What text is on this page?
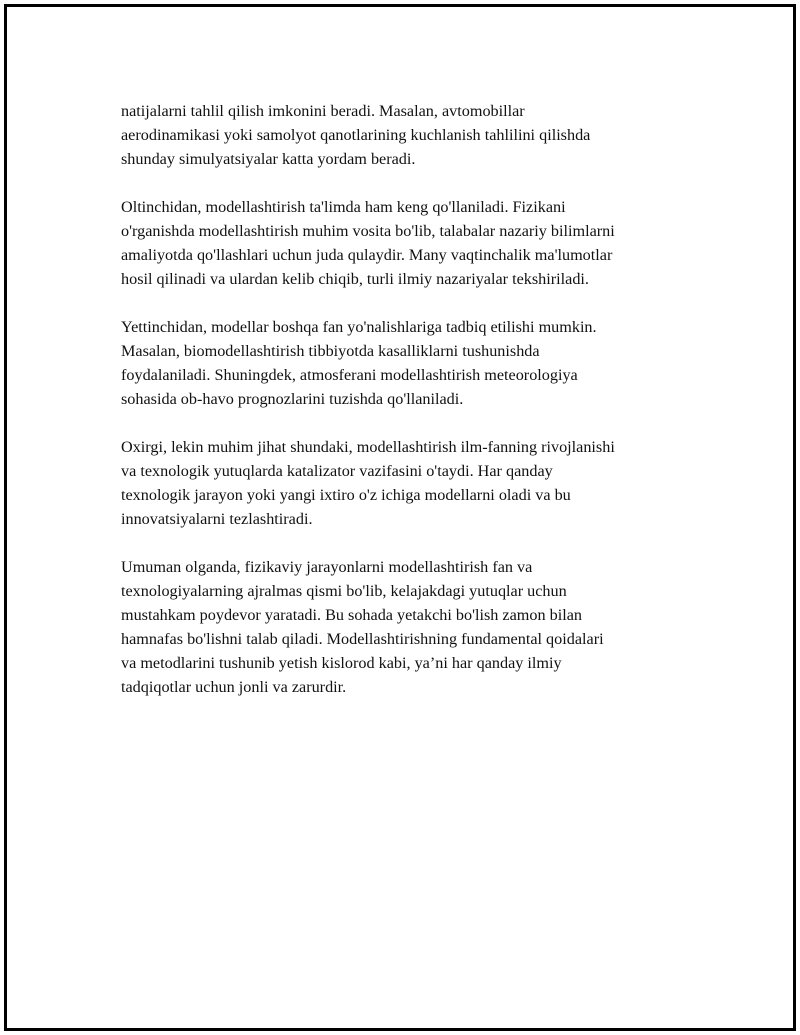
natijalarni tahlil qilish imkonini beradi. Masalan, avtomobillar
aerodinamikasi yoki samolyot qanotlarining kuchlanish tahlilini qilishda
shunday simulyatsiyalar katta yordam beradi.

Oltinchidan, modellashtirish ta'limda ham keng qo'llaniladi. Fizikani
o'rganishda modellashtirish muhim vosita bo'lib, talabalar nazariy bilimlarni
amaliyotda qo'llashlari uchun juda qulaydir. Many vaqtinchalik ma'lumotlar
hosil qilinadi va ulardan kelib chiqib, turli ilmiy nazariyalar tekshiriladi.

Yettinchidan, modellar boshqa fan yo'nalishlariga tadbiq etilishi mumkin.
Masalan, biomodellashtirish tibbiyotda kasalliklarni tushunishda
foydalaniladi. Shuningdek, atmosferani modellashtirish meteorologiya
sohasida ob-havo prognozlarini tuzishda qo'llaniladi.

Oxirgi, lekin muhim jihat shundaki, modellashtirish ilm-fanning rivojlanishi
va texnologik yutuqlarda katalizator vazifasini o'taydi. Har qanday
texnologik jarayon yoki yangi ixtiro o'z ichiga modellarni oladi va bu
innovatsiyalarni tezlashtiradi.

Umuman olganda, fizikaviy jarayonlarni modellashtirish fan va
texnologiyalarning ajralmas qismi bo'lib, kelajakdagi yutuqlar uchun
mustahkam poydevor yaratadi. Bu sohada yetakchi bo'lish zamon bilan
hamnafas bo'lishni talab qiladi. Modellashtirishning fundamental qoidalari
va metodlarini tushunib yetish kislorod kabi, ya’ni har qanday ilmiy
tadqiqotlar uchun jonli va zarurdir.
